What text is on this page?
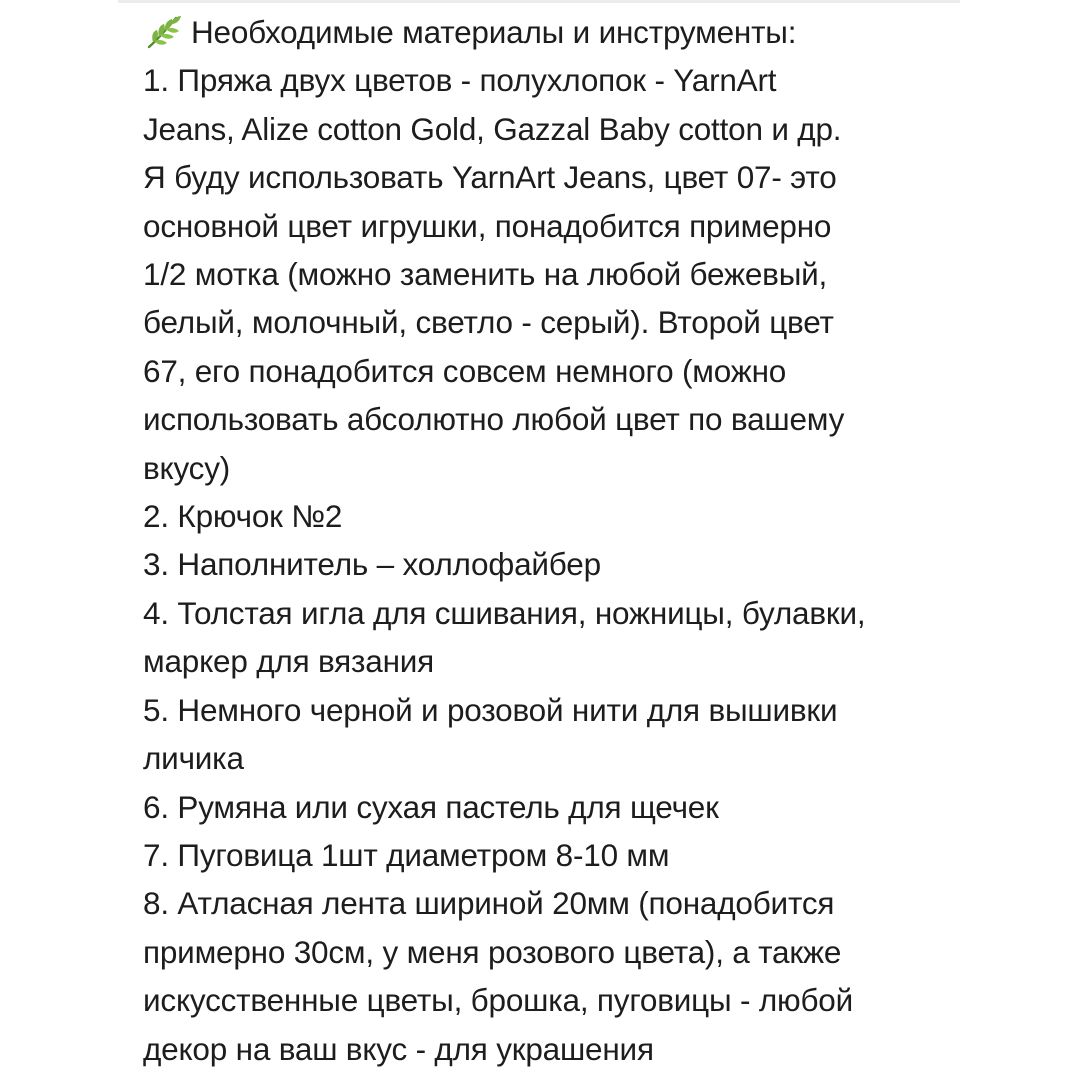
Необходимые материалы и инструменты:
1. Пряжа двух цветов - полухлопок - YarnArt
Jeans, Alize cotton Gold, Gazzal Baby cotton и др.
Я буду использовать YarnArt Jeans, цвет 07- это
основной цвет игрушки, понадобится примерно
1/2 мотка (можно заменить на любой бежевый,
белый, молочный, светло - серый). Второй цвет
67, его понадобится совсем немного (можно
использовать абсолютно любой цвет по вашему
вкусу)
2. Крючок №2
3. Наполнитель – холлофайбер
4. Толстая игла для сшивания, ножницы, булавки,
маркер для вязания
5. Немного черной и розовой нити для вышивки
личика
6. Румяна или сухая пастель для щечек
7. Пуговица 1шт диаметром 8-10 мм
8. Атласная лента шириной 20мм (понадобится
примерно 30см, у меня розового цвета), а также
искусственные цветы, брошка, пуговицы - любой
декор на ваш вкус - для украшения
